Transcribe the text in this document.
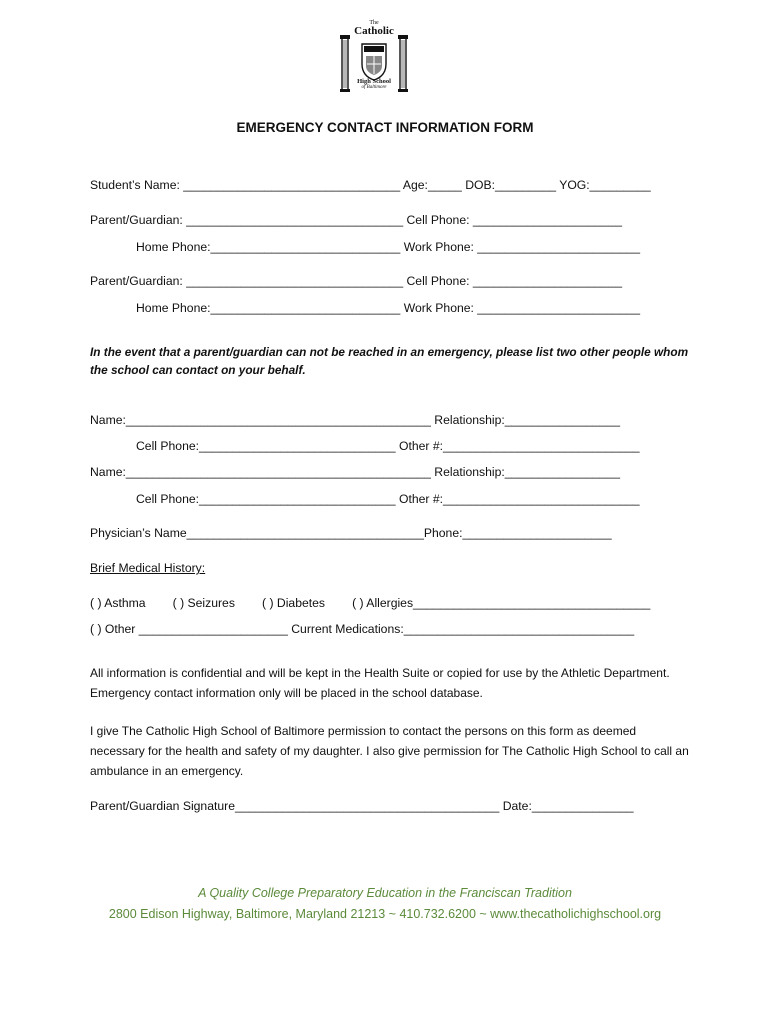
The
Catholic
High School
of Baltimore
EMERGENCY CONTACT INFORMATION FORM
Student’s Name: ________________________________ Age:_____ DOB:_________ YOG:_________
Parent/Guardian: ________________________________ Cell Phone: ______________________
Home Phone:____________________________ Work Phone: ________________________
Parent/Guardian: ________________________________ Cell Phone: ______________________
Home Phone:____________________________ Work Phone: ________________________
In the event that a parent/guardian can not be reached in an emergency, please list two other people whom the school can contact on your behalf.
Name:_____________________________________________ Relationship:_________________
Cell Phone:_____________________________ Other #:_____________________________
Name:_____________________________________________ Relationship:_________________
Cell Phone:_____________________________ Other #:_____________________________
Physician’s Name___________________________________Phone:______________________
Brief Medical History:
( ) Asthma        ( ) Seizures        ( ) Diabetes        ( ) Allergies___________________________________
( ) Other ______________________ Current Medications:__________________________________
All information is confidential and will be kept in the Health Suite or copied for use by the Athletic Department. Emergency contact information only will be placed in the school database.
I give The Catholic High School of Baltimore permission to contact the persons on this form as deemed necessary for the health and safety of my daughter. I also give permission for The Catholic High School to call an ambulance in an emergency.
Parent/Guardian Signature_______________________________________ Date:_______________
A Quality College Preparatory Education in the Franciscan Tradition
2800 Edison Highway, Baltimore, Maryland 21213 ~ 410.732.6200 ~ www.thecatholichighschool.org
